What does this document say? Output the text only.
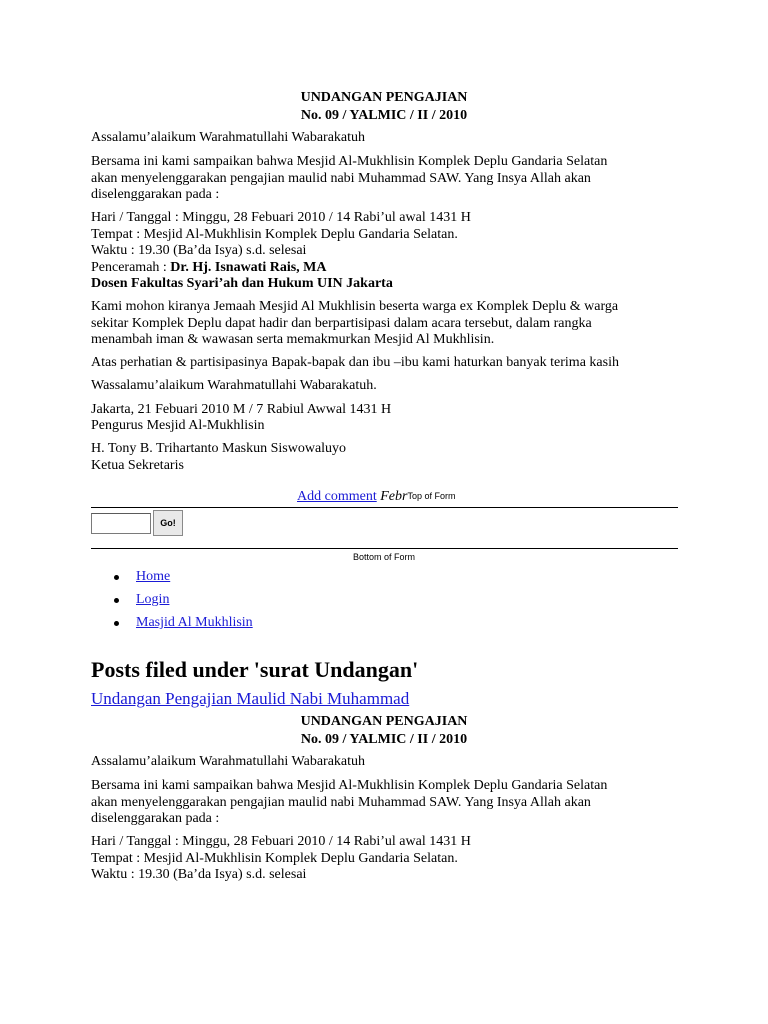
UNDANGAN PENGAJIAN
No. 09 / YALMIC / II / 2010
Assalamu’alaikum Warahmatullahi Wabarakatuh
Bersama ini kami sampaikan bahwa Mesjid Al-Mukhlisin Komplek Deplu Gandaria Selatan
akan menyelenggarakan pengajian maulid nabi Muhammad SAW. Yang Insya Allah akan
diselenggarakan pada :
Hari / Tanggal : Minggu, 28 Febuari 2010 / 14 Rabi’ul awal 1431 H
Tempat : Mesjid Al-Mukhlisin Komplek Deplu Gandaria Selatan.
Waktu : 19.30 (Ba’da Isya) s.d. selesai
Penceramah : Dr. Hj. Isnawati Rais, MA
Dosen Fakultas Syari’ah dan Hukum UIN Jakarta
Kami mohon kiranya Jemaah Mesjid Al Mukhlisin beserta warga ex Komplek Deplu & warga
sekitar Komplek Deplu dapat hadir dan berpartisipasi dalam acara tersebut, dalam rangka
menambah iman & wawasan serta memakmurkan Mesjid Al Mukhlisin.
Atas perhatian & partisipasinya Bapak-bapak dan ibu –ibu kami haturkan banyak terima kasih
Wassalamu’alaikum Warahmatullahi Wabarakatuh.
Jakarta, 21 Febuari 2010 M / 7 Rabiul Awwal 1431 H
Pengurus Mesjid Al-Mukhlisin
H. Tony B. Trihartanto Maskun Siswowaluyo
Ketua Sekretaris
Add comment FebrTop of Form
Go!
Bottom of Form
Home
Login
Masjid Al Mukhlisin
Posts filed under 'surat Undangan'
Undangan Pengajian Maulid Nabi Muhammad
UNDANGAN PENGAJIAN
No. 09 / YALMIC / II / 2010
Assalamu’alaikum Warahmatullahi Wabarakatuh
Bersama ini kami sampaikan bahwa Mesjid Al-Mukhlisin Komplek Deplu Gandaria Selatan
akan menyelenggarakan pengajian maulid nabi Muhammad SAW. Yang Insya Allah akan
diselenggarakan pada :
Hari / Tanggal : Minggu, 28 Febuari 2010 / 14 Rabi’ul awal 1431 H
Tempat : Mesjid Al-Mukhlisin Komplek Deplu Gandaria Selatan.
Waktu : 19.30 (Ba’da Isya) s.d. selesai
